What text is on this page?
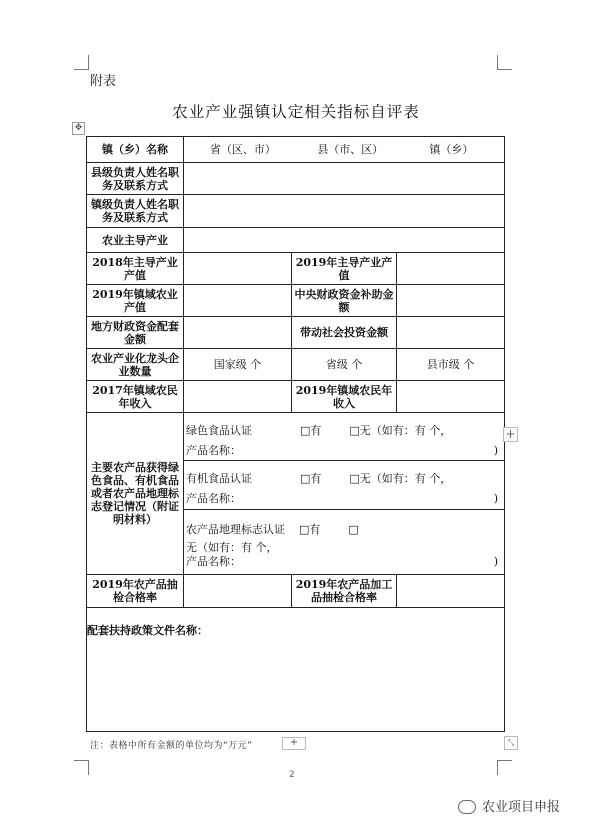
附表
农业产业强镇认定相关指标自评表
✥
镇（乡）名称	省（区、市） 县（市、区） 镇（乡）		
县级负责人姓名职务及联系方式			
镇级负责人姓名职务及联系方式			
农业主导产业			
2018年主导产业产值		2019年主导产业产值	
2019年镇域农业产值		中央财政资金补助金额	
地方财政资金配套金额		带动社会投资金额	
农业产业化龙头企业数量	国家级 个	省级 个	县市级 个
2017年镇域农民年收入		2019年镇域农民年收入	
主要农产品获得绿色食品、有机食品或者农产品地理标志登记情况（附证明材料）	绿色食品认证 □有 □无（如有：有 个，
产品名称： )		

	有机食品认证 □有 □无（如有：有 个，
产品名称： )		

	农产品地理标志认证 □有 □
无（如有：有 个，
产品名称： )		

2019年农产品抽检合格率		2019年农产品加工品抽检合格率	
配套扶持政策文件名称：			
+
注：表格中所有金额的单位均为“万元”	+	⤡
2
农业项目申报
